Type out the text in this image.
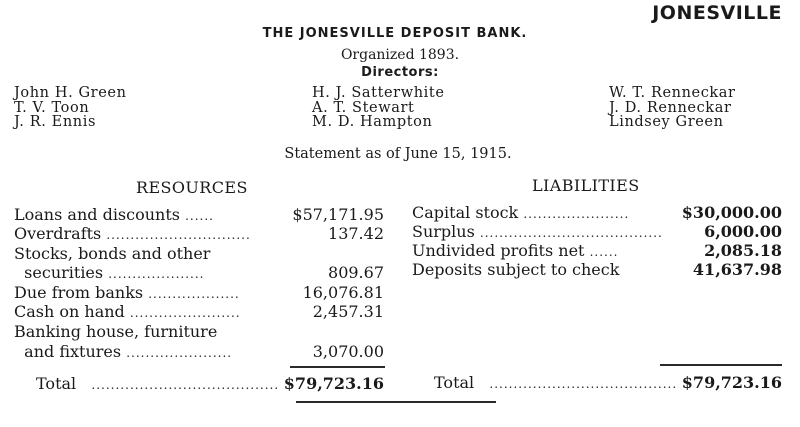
JONESVILLE
THE JONESVILLE DEPOSIT BANK.
Organized 1893.
Directors:
John H. Green
T. V. Toon
J. R. Ennis
H. J. Satterwhite
A. T. Stewart
M. D. Hampton
W. T. Renneckar
J. D. Renneckar
Lindsey Green
Statement as of June 15, 1915.
RESOURCES	LIABILITIES
Loans and discounts ......	$57,171.95
Overdrafts ..............................	137.42
Stocks, bonds and other
securities ....................	809.67
Due from banks ...................	16,076.81
Cash on hand .......................	2,457.31
Banking house, furniture
and fixtures ......................	3,070.00
Total ....................................... $79,723.16
Capital stock ......................	$30,000.00
Surplus ......................................	6,000.00
Undivided profits net ......	2,085.18
Deposits subject to check	41,637.98
Total ....................................... $79,723.16
